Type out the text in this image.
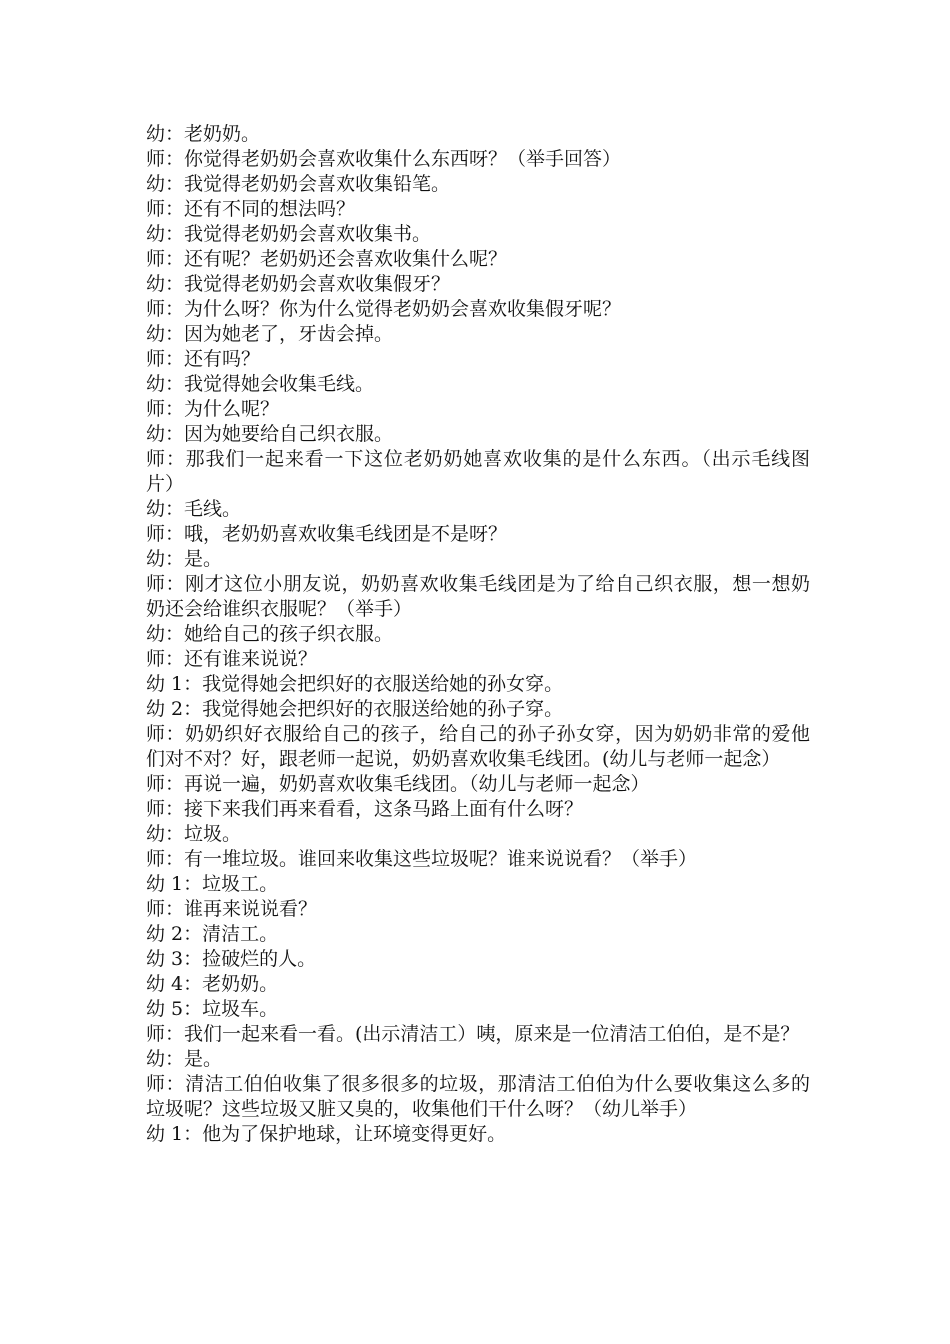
幼：老奶奶。

师：你觉得老奶奶会喜欢收集什么东西呀？（举手回答）

幼：我觉得老奶奶会喜欢收集铅笔。

师：还有不同的想法吗？

幼：我觉得老奶奶会喜欢收集书。

师：还有呢？老奶奶还会喜欢收集什么呢？

幼：我觉得老奶奶会喜欢收集假牙？

师：为什么呀？你为什么觉得老奶奶会喜欢收集假牙呢？

幼：因为她老了，牙齿会掉。

师：还有吗？

幼：我觉得她会收集毛线。

师：为什么呢？

幼：因为她要给自己织衣服。

师：那我们一起来看一下这位老奶奶她喜欢收集的是什么东西。（出示毛线图片）

幼：毛线。

师：哦，老奶奶喜欢收集毛线团是不是呀？

幼：是。

师：刚才这位小朋友说，奶奶喜欢收集毛线团是为了给自己织衣服，想一想奶奶还会给谁织衣服呢？（举手）

幼：她给自己的孩子织衣服。

师：还有谁来说说？

幼 1：我觉得她会把织好的衣服送给她的孙女穿。

幼 2：我觉得她会把织好的衣服送给她的孙子穿。

师：奶奶织好衣服给自己的孩子，给自己的孙子孙女穿，因为奶奶非常的爱他们对不对？好，跟老师一起说，奶奶喜欢收集毛线团。(幼儿与老师一起念）

师：再说一遍，奶奶喜欢收集毛线团。（幼儿与老师一起念）

师：接下来我们再来看看，这条马路上面有什么呀？

幼：垃圾。

师：有一堆垃圾。谁回来收集这些垃圾呢？谁来说说看？（举手）

幼 1：垃圾工。

师：谁再来说说看？

幼 2：清洁工。

幼 3：捡破烂的人。

幼 4：老奶奶。

幼 5：垃圾车。

师：我们一起来看一看。(出示清洁工）咦，原来是一位清洁工伯伯，是不是？

幼：是。

师：清洁工伯伯收集了很多很多的垃圾，那清洁工伯伯为什么要收集这么多的垃圾呢？这些垃圾又脏又臭的，收集他们干什么呀？（幼儿举手）

幼 1：他为了保护地球，让环境变得更好。
